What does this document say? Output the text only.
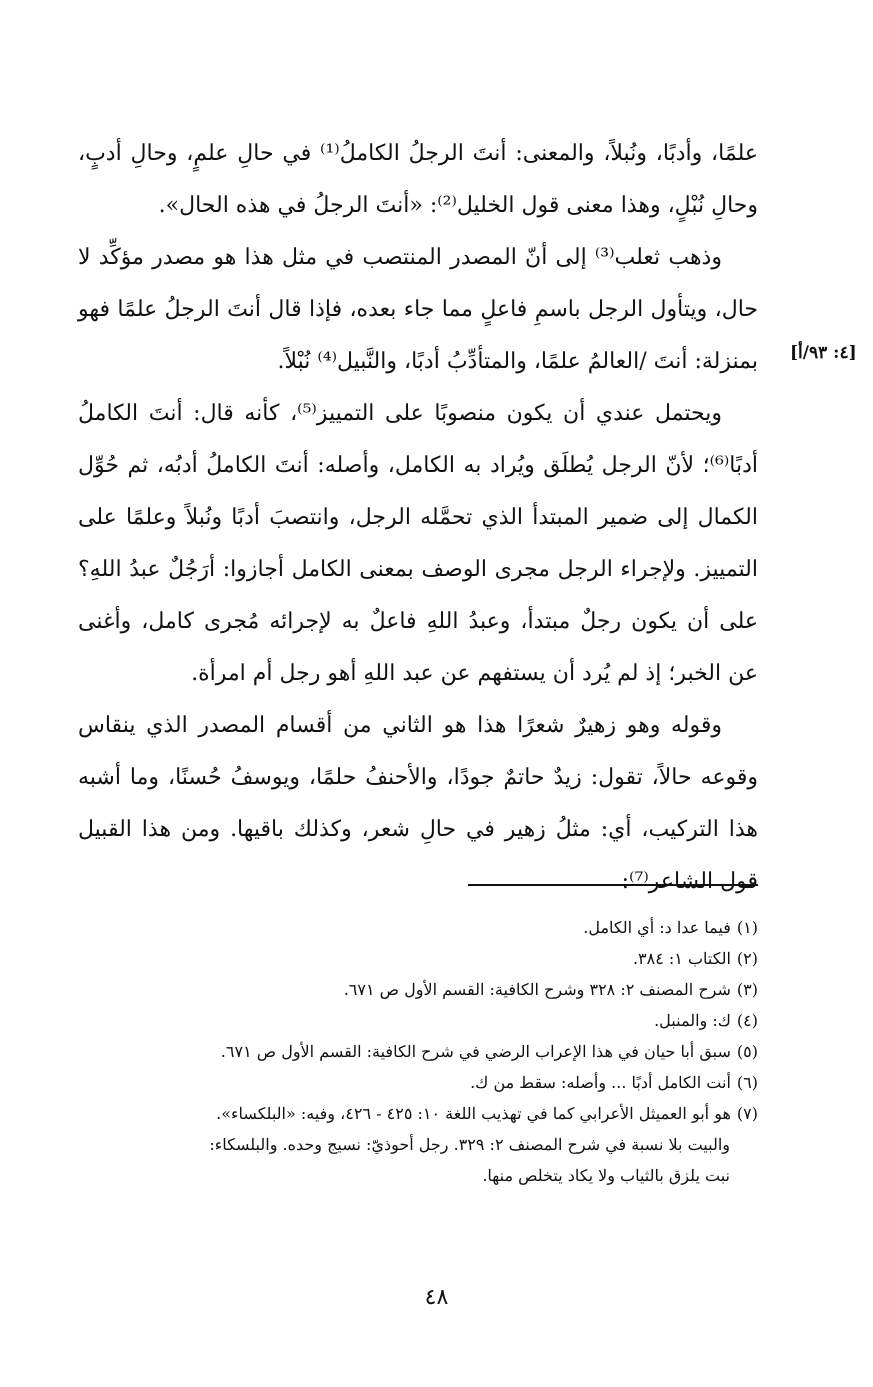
علمًا، وأدبًا، ونُبلاً، والمعنى: أنتَ الرجلُ الكاملُ⁽¹⁾ في حالِ علمٍ، وحالِ أدبٍ، وحالِ نُبْلٍ، وهذا معنى قول الخليل⁽²⁾: «أنتَ الرجلُ في هذه الحال».

وذهب ثعلب⁽³⁾ إلى أنّ المصدر المنتصب في مثل هذا هو مصدر مؤكِّد لا حال، ويتأول الرجل باسمِ فاعلٍ مما جاء بعده، فإذا قال أنتَ الرجلُ علمًا فهو بمنزلة: أنتَ /العالمُ علمًا، والمتأدِّبُ أدبًا، والنَّبيل⁽⁴⁾ نُبْلاً.

ويحتمل عندي أن يكون منصوبًا على التمييز⁽⁵⁾، كأنه قال: أنتَ الكاملُ أدبًا⁽⁶⁾؛ لأنّ الرجل يُطلَق ويُراد به الكامل، وأصله: أنتَ الكاملُ أدبُه، ثم حُوِّل الكمال إلى ضمير المبتدأ الذي تحمَّله الرجل، وانتصبَ أدبًا ونُبلاً وعلمًا على التمييز. ولإجراء الرجل مجرى الوصف بمعنى الكامل أجازوا: أرَجُلٌ عبدُ اللهِ؟ على أن يكون رجلٌ مبتدأ، وعبدُ اللهِ فاعلٌ به لإجرائه مُجرى كامل، وأغنى عن الخبر؛ إذ لم يُرد أن يستفهم عن عبد اللهِ أهو رجل أم امرأة.

وقوله وهو زهيرٌ شعرًا هذا هو الثاني من أقسام المصدر الذي ينقاس وقوعه حالاً، تقول: زيدٌ حاتمٌ جودًا، والأحنفُ حلمًا، ويوسفُ حُسنًا، وما أشبه هذا التركيب، أي: مثلُ زهير في حالِ شعر، وكذلك باقيها. ومن هذا القبيل قول الشاعر⁽⁷⁾:

[٤: ٩٣/أ]

(١)فيما عدا د: أي الكامل.

(٢)الكتاب ١: ٣٨٤.

(٣)شرح المصنف ٢: ٣٢٨ وشرح الكافية: القسم الأول ص ٦٧١.

(٤)ك: والمنبل.

(٥)سبق أبا حيان في هذا الإعراب الرضي في شرح الكافية: القسم الأول ص ٦٧١.

(٦)أنت الكامل أدبًا ... وأصله: سقط من ك.

(٧)هو أبو العميثل الأعرابي كما في تهذيب اللغة ١٠: ٤٢٥ - ٤٢٦، وفيه: «البلكساء».

والبيت بلا نسبة في شرح المصنف ٢: ٣٢٩. رجل أحوذيّ: نسيج وحده. والبلسكاء:

نبت يلزق بالثياب ولا يكاد يتخلص منها.

٤٨
